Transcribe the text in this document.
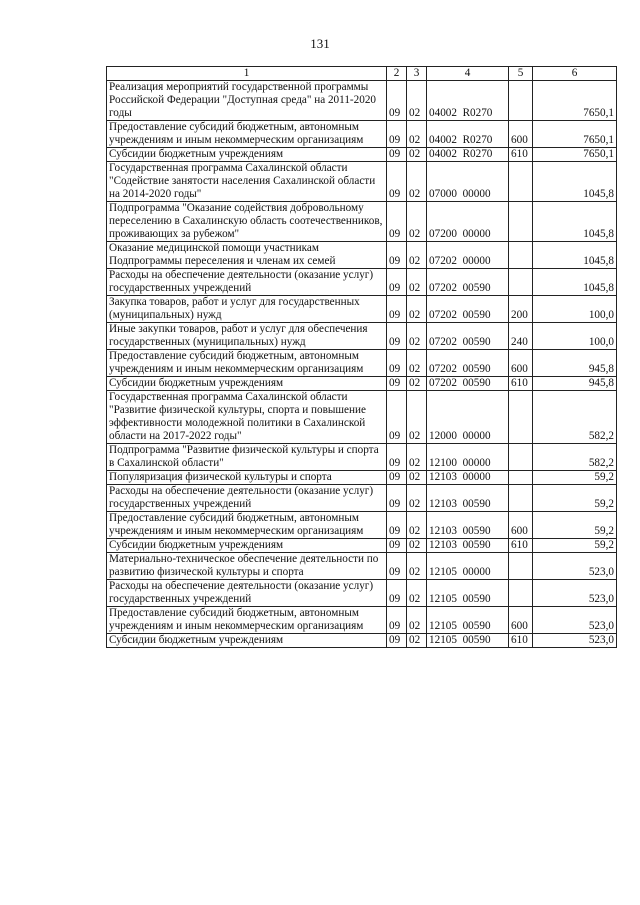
131
1	2	3	4	5	6
Реализация мероприятий государственной программы Российской Федерации "Доступная среда" на 2011-2020 годы	09	02	04002  R0270		7650,1
Предоставление субсидий бюджетным, автономным учреждениям и иным некоммерческим организациям	09	02	04002  R0270	600	7650,1
Субсидии бюджетным учреждениям	09	02	04002  R0270	610	7650,1
Государственная программа Сахалинской области "Содействие занятости населения Сахалинской области на 2014-2020 годы"	09	02	07000  00000		1045,8
Подпрограмма "Оказание содействия добровольному переселению в Сахалинскую область соотечественников, проживающих за рубежом"	09	02	07200  00000		1045,8
Оказание медицинской помощи участникам Подпрограммы переселения и членам их семей	09	02	07202  00000		1045,8
Расходы на обеспечение деятельности (оказание услуг) государственных учреждений	09	02	07202  00590		1045,8
Закупка товаров, работ и услуг для государственных (муниципальных) нужд	09	02	07202  00590	200	100,0
Иные закупки товаров, работ и услуг для обеспечения государственных (муниципальных) нужд	09	02	07202  00590	240	100,0
Предоставление субсидий бюджетным, автономным учреждениям и иным некоммерческим организациям	09	02	07202  00590	600	945,8
Субсидии бюджетным учреждениям	09	02	07202  00590	610	945,8
Государственная программа Сахалинской области "Развитие физической культуры, спорта и повышение эффективности молодежной политики в Сахалинской области на 2017-2022 годы"	09	02	12000  00000		582,2
Подпрограмма "Развитие физической культуры и спорта в Сахалинской области"	09	02	12100  00000		582,2
Популяризация физической культуры и спорта	09	02	12103  00000		59,2
Расходы на обеспечение деятельности (оказание услуг) государственных учреждений	09	02	12103  00590		59,2
Предоставление субсидий бюджетным, автономным учреждениям и иным некоммерческим организациям	09	02	12103  00590	600	59,2
Субсидии бюджетным учреждениям	09	02	12103  00590	610	59,2
Материально-техническое обеспечение деятельности по развитию физической культуры и спорта	09	02	12105  00000		523,0
Расходы на обеспечение деятельности (оказание услуг) государственных учреждений	09	02	12105  00590		523,0
Предоставление субсидий бюджетным, автономным учреждениям и иным некоммерческим организациям	09	02	12105  00590	600	523,0
Субсидии бюджетным учреждениям	09	02	12105  00590	610	523,0
